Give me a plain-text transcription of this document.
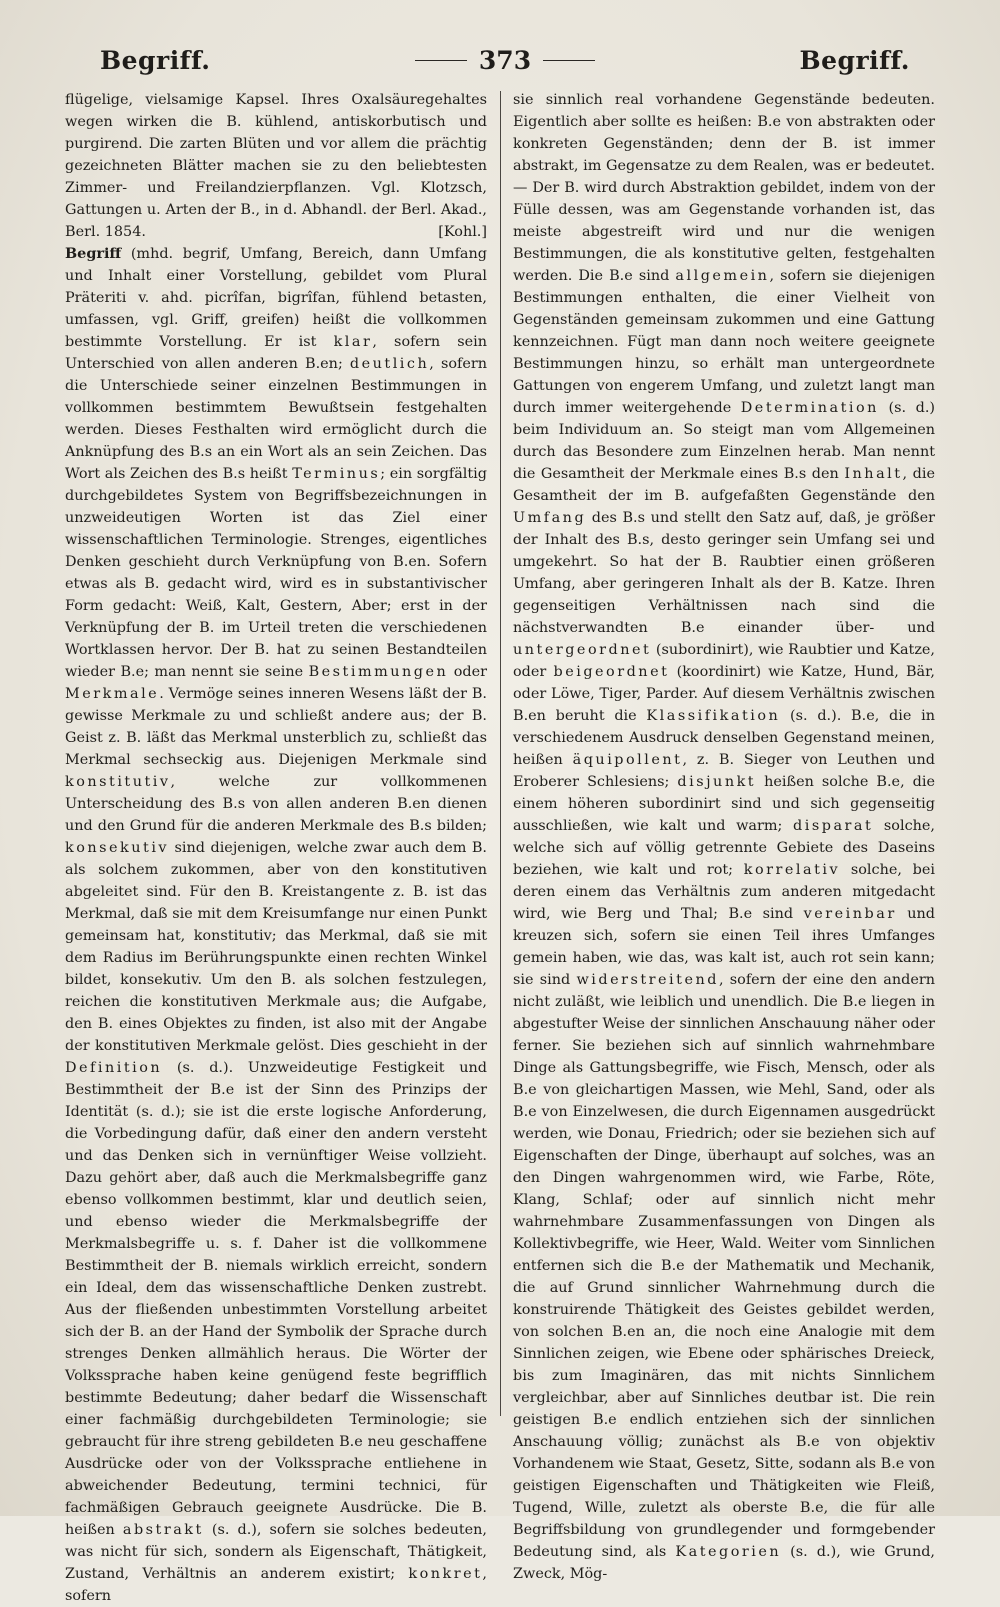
Begriff.	373	Begriff.

flügelige, vielsamige Kapsel. Ihres Oxalsäuregehaltes wegen wirken die B. kühlend, antiskorbutisch und purgirend. Die zarten Blüten und vor allem die prächtig gezeichneten Blätter machen sie zu den beliebtesten Zimmer- und Freilandzierpflanzen. Vgl. Klotzsch, Gattungen u. Arten der B., in d. Abhandl. der Berl. Akad., Berl. 1854.	[Kohl.]

Begriff (mhd. begrif, Umfang, Bereich, dann Umfang und Inhalt einer Vorstellung, gebildet vom Plural Präteriti v. ahd. picrîfan, bigrîfan, fühlend betasten, umfassen, vgl. Griff, greifen) heißt die vollkommen bestimmte Vorstellung. Er ist klar, sofern sein Unterschied von allen anderen B.en; deutlich, sofern die Unterschiede seiner einzelnen Bestimmungen in vollkommen bestimmtem Bewußtsein festgehalten werden. Dieses Festhalten wird ermöglicht durch die Anknüpfung des B.s an ein Wort als an sein Zeichen. Das Wort als Zeichen des B.s heißt Terminus; ein sorgfältig durchgebildetes System von Begriffsbezeichnungen in unzweideutigen Worten ist das Ziel einer wissenschaftlichen Terminologie. Strenges, eigentliches Denken geschieht durch Verknüpfung von B.en. Sofern etwas als B. gedacht wird, wird es in substantivischer Form gedacht: Weiß, Kalt, Gestern, Aber; erst in der Verknüpfung der B. im Urteil treten die verschiedenen Wortklassen hervor. Der B. hat zu seinen Bestandteilen wieder B.e; man nennt sie seine Bestimmungen oder Merkmale. Vermöge seines inneren Wesens läßt der B. gewisse Merkmale zu und schließt andere aus; der B. Geist z. B. läßt das Merkmal unsterblich zu, schließt das Merkmal sechseckig aus. Diejenigen Merkmale sind konstitutiv, welche zur vollkommenen Unterscheidung des B.s von allen anderen B.en dienen und den Grund für die anderen Merkmale des B.s bilden; konsekutiv sind diejenigen, welche zwar auch dem B. als solchem zukommen, aber von den konstitutiven abgeleitet sind. Für den B. Kreistangente z. B. ist das Merkmal, daß sie mit dem Kreisumfange nur einen Punkt gemeinsam hat, konstitutiv; das Merkmal, daß sie mit dem Radius im Berührungspunkte einen rechten Winkel bildet, konsekutiv. Um den B. als solchen festzulegen, reichen die konstitutiven Merkmale aus; die Aufgabe, den B. eines Objektes zu finden, ist also mit der Angabe der konstitutiven Merkmale gelöst. Dies geschieht in der Definition (s. d.). Unzweideutige Festigkeit und Bestimmtheit der B.e ist der Sinn des Prinzips der Identität (s. d.); sie ist die erste logische Anforderung, die Vorbedingung dafür, daß einer den andern versteht und das Denken sich in vernünftiger Weise vollzieht. Dazu gehört aber, daß auch die Merkmalsbegriffe ganz ebenso vollkommen bestimmt, klar und deutlich seien, und ebenso wieder die Merkmalsbegriffe der Merkmalsbegriffe u. s. f. Daher ist die vollkommene Bestimmtheit der B. niemals wirklich erreicht, sondern ein Ideal, dem das wissenschaftliche Denken zustrebt. Aus der fließenden unbestimmten Vorstellung arbeitet sich der B. an der Hand der Symbolik der Sprache durch strenges Denken allmählich heraus. Die Wörter der Volkssprache haben keine genügend feste begrifflich bestimmte Bedeutung; daher bedarf die Wissenschaft einer fachmäßig durchgebildeten Terminologie; sie gebraucht für ihre streng gebildeten B.e neu geschaffene Ausdrücke oder von der Volkssprache entliehene in abweichender Bedeutung, termini technici, für fachmäßigen Gebrauch geeignete Ausdrücke. Die B. heißen abstrakt (s. d.), sofern sie solches bedeuten, was nicht für sich, sondern als Eigenschaft, Thätigkeit, Zustand, Verhältnis an anderem existirt; konkret, sofern

sie sinnlich real vorhandene Gegenstände bedeuten. Eigentlich aber sollte es heißen: B.e von abstrakten oder konkreten Gegenständen; denn der B. ist immer abstrakt, im Gegensatze zu dem Realen, was er bedeutet. — Der B. wird durch Abstraktion gebildet, indem von der Fülle dessen, was am Gegenstande vorhanden ist, das meiste abgestreift wird und nur die wenigen Bestimmungen, die als konstitutive gelten, festgehalten werden. Die B.e sind allgemein, sofern sie diejenigen Bestimmungen enthalten, die einer Vielheit von Gegenständen gemeinsam zukommen und eine Gattung kennzeichnen. Fügt man dann noch weitere geeignete Bestimmungen hinzu, so erhält man untergeordnete Gattungen von engerem Umfang, und zuletzt langt man durch immer weitergehende Determination (s. d.) beim Individuum an. So steigt man vom Allgemeinen durch das Besondere zum Einzelnen herab. Man nennt die Gesamtheit der Merkmale eines B.s den Inhalt, die Gesamtheit der im B. aufgefaßten Gegenstände den Umfang des B.s und stellt den Satz auf, daß, je größer der Inhalt des B.s, desto geringer sein Umfang sei und umgekehrt. So hat der B. Raubtier einen größeren Umfang, aber geringeren Inhalt als der B. Katze. Ihren gegenseitigen Verhältnissen nach sind die nächstverwandten B.e einander über- und untergeordnet (subordinirt), wie Raubtier und Katze, oder beigeordnet (koordinirt) wie Katze, Hund, Bär, oder Löwe, Tiger, Parder. Auf diesem Verhältnis zwischen B.en beruht die Klassifikation (s. d.). B.e, die in verschiedenem Ausdruck denselben Gegenstand meinen, heißen äquipollent, z. B. Sieger von Leuthen und Eroberer Schlesiens; disjunkt heißen solche B.e, die einem höheren subordinirt sind und sich gegenseitig ausschließen, wie kalt und warm; disparat solche, welche sich auf völlig getrennte Gebiete des Daseins beziehen, wie kalt und rot; korrelativ solche, bei deren einem das Verhältnis zum anderen mitgedacht wird, wie Berg und Thal; B.e sind vereinbar und kreuzen sich, sofern sie einen Teil ihres Umfanges gemein haben, wie das, was kalt ist, auch rot sein kann; sie sind widerstreitend, sofern der eine den andern nicht zuläßt, wie leiblich und unendlich. Die B.e liegen in abgestufter Weise der sinnlichen Anschauung näher oder ferner. Sie beziehen sich auf sinnlich wahrnehmbare Dinge als Gattungsbegriffe, wie Fisch, Mensch, oder als B.e von gleichartigen Massen, wie Mehl, Sand, oder als B.e von Einzelwesen, die durch Eigennamen ausgedrückt werden, wie Donau, Friedrich; oder sie beziehen sich auf Eigenschaften der Dinge, überhaupt auf solches, was an den Dingen wahrgenommen wird, wie Farbe, Röte, Klang, Schlaf; oder auf sinnlich nicht mehr wahrnehmbare Zusammenfassungen von Dingen als Kollektivbegriffe, wie Heer, Wald. Weiter vom Sinnlichen entfernen sich die B.e der Mathematik und Mechanik, die auf Grund sinnlicher Wahrnehmung durch die konstruirende Thätigkeit des Geistes gebildet werden, von solchen B.en an, die noch eine Analogie mit dem Sinnlichen zeigen, wie Ebene oder sphärisches Dreieck, bis zum Imaginären, das mit nichts Sinnlichem vergleichbar, aber auf Sinnliches deutbar ist. Die rein geistigen B.e endlich entziehen sich der sinnlichen Anschauung völlig; zunächst als B.e von objektiv Vorhandenem wie Staat, Gesetz, Sitte, sodann als B.e von geistigen Eigenschaften und Thätigkeiten wie Fleiß, Tugend, Wille, zuletzt als oberste B.e, die für alle Begriffsbildung von grundlegender und formgebender Bedeutung sind, als Kategorien (s. d.), wie Grund, Zweck, Mög-
